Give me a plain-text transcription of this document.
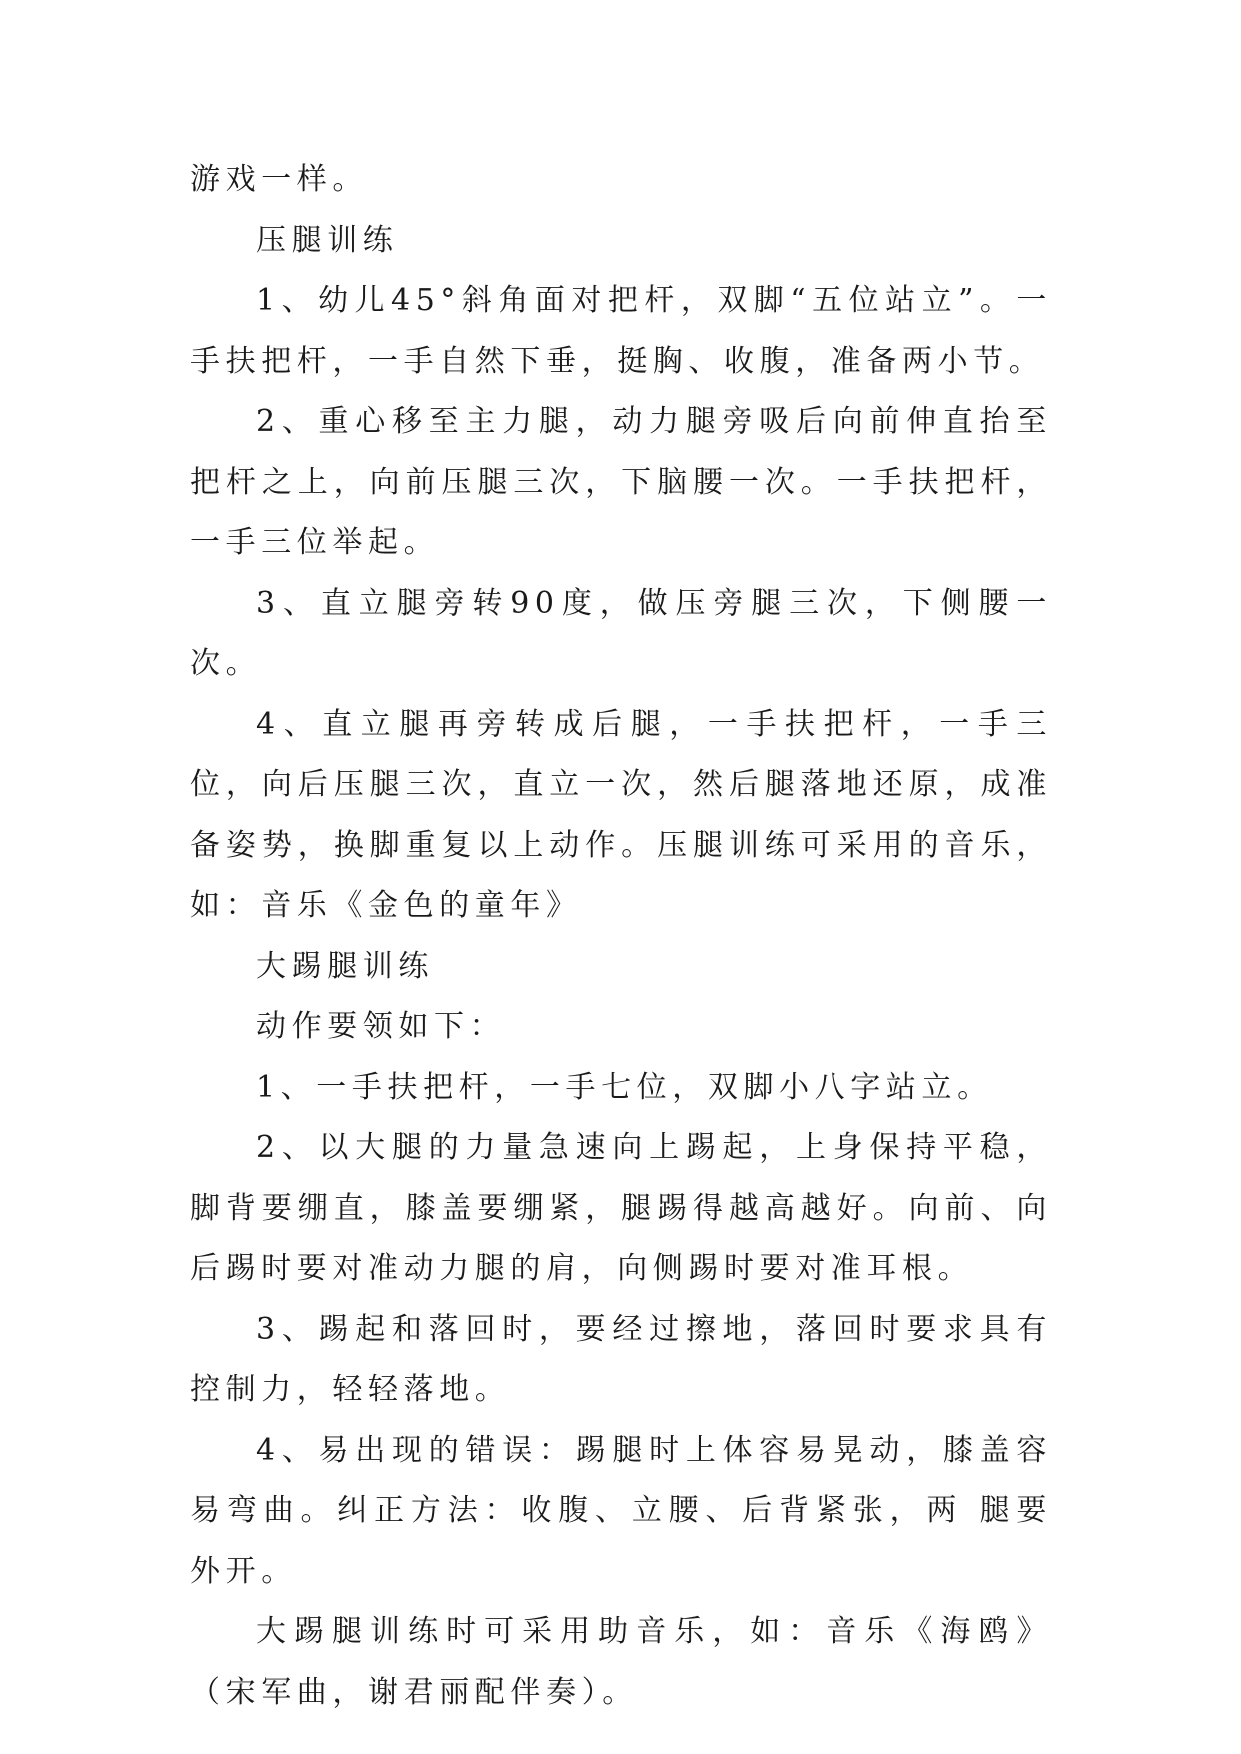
游戏一样。

压腿训练

1、幼儿45°斜角面对把杆，双脚“五位站立”。一手扶把杆，一手自然下垂，挺胸、收腹，准备两小节。

2、重心移至主力腿，动力腿旁吸后向前伸直抬至把杆之上，向前压腿三次，下脑腰一次。一手扶把杆，一手三位举起。

3、直立腿旁转90度，做压旁腿三次，下侧腰一次。

4、直立腿再旁转成后腿，一手扶把杆，一手三位，向后压腿三次，直立一次，然后腿落地还原，成准备姿势，换脚重复以上动作。压腿训练可采用的音乐，如：音乐《金色的童年》

大踢腿训练

动作要领如下：

1、一手扶把杆，一手七位，双脚小八字站立。

2、以大腿的力量急速向上踢起，上身保持平稳，脚背要绷直，膝盖要绷紧，腿踢得越高越好。向前、向后踢时要对准动力腿的肩，向侧踢时要对准耳根。

3、踢起和落回时，要经过擦地，落回时要求具有控制力，轻轻落地。

4、易出现的错误：踢腿时上体容易晃动，膝盖容易弯曲。纠正方法：收腹、立腰、后背紧张，两 腿要外开。

大踢腿训练时可采用助音乐，如：音乐《海鸥》（宋军曲，谢君丽配伴奏）。
